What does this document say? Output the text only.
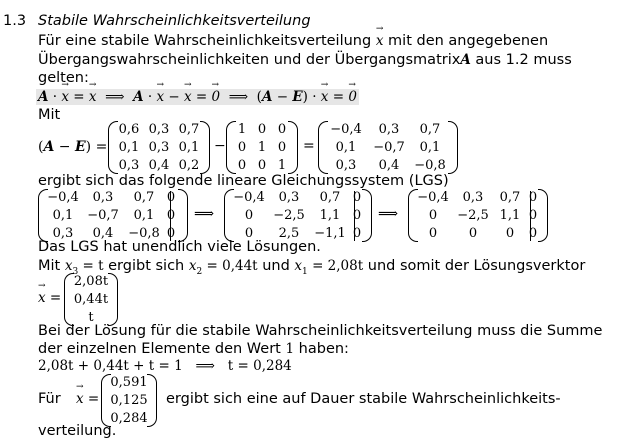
1.3 Stabile Wahrscheinlichkeitsverteilung
Für eine stabile Wahrscheinlichkeitsverteilung → x mit den angegebenen
Übergangswahrscheinlichkeiten und der ÜbergangsmatrixA aus 1.2 muss
gelten:
A · → x = → x ⟹ A · → x − → x = → 0 ⟹ (A − E) · → x = → 0
Mit
(A − E) =
0,6 0,3 0,7
0,1 0,3 0,1
0,3 0,4 0,2
−
1 0 0
0 1 0
0 0 1
=
−0,4	0,3	0,7
0,1	−0,7	0,1
0,3	0,4	−0,8
ergibt sich das folgende lineare Gleichungssystem (LGS)
−0,4	0,3	0,7 0
0,1	−0,7	0,1 0
0,3	0,4	−0,8 0
⟹
−0,4	0,3	0,7 0
0	−2,5	1,1 0
0	2,5	−1,1 0
⟹
−0,4	0,3	0,7 0
0	−2,5 1,1 0
0	0	0	0
Das LGS hat unendlich viele Lösungen.
Mit $x_3 = t$ ergibt sich $x_2 = 0,44t$ und $x_1 = 2,08t$ und somit der Lösungsverktor
→ x =
2,08t
0,44t
t
Bei der Lösung für die stabile Wahrscheinlichkeitsverteilung muss die Summe
der einzelnen Elemente den Wert 1 haben:
2,08t + 0,44t + t = 1 ⟹ t = 0,284
Für → x =
0,591
0,125
0,284
ergibt sich eine auf Dauer stabile Wahrscheinlichkeits-
verteilung.
